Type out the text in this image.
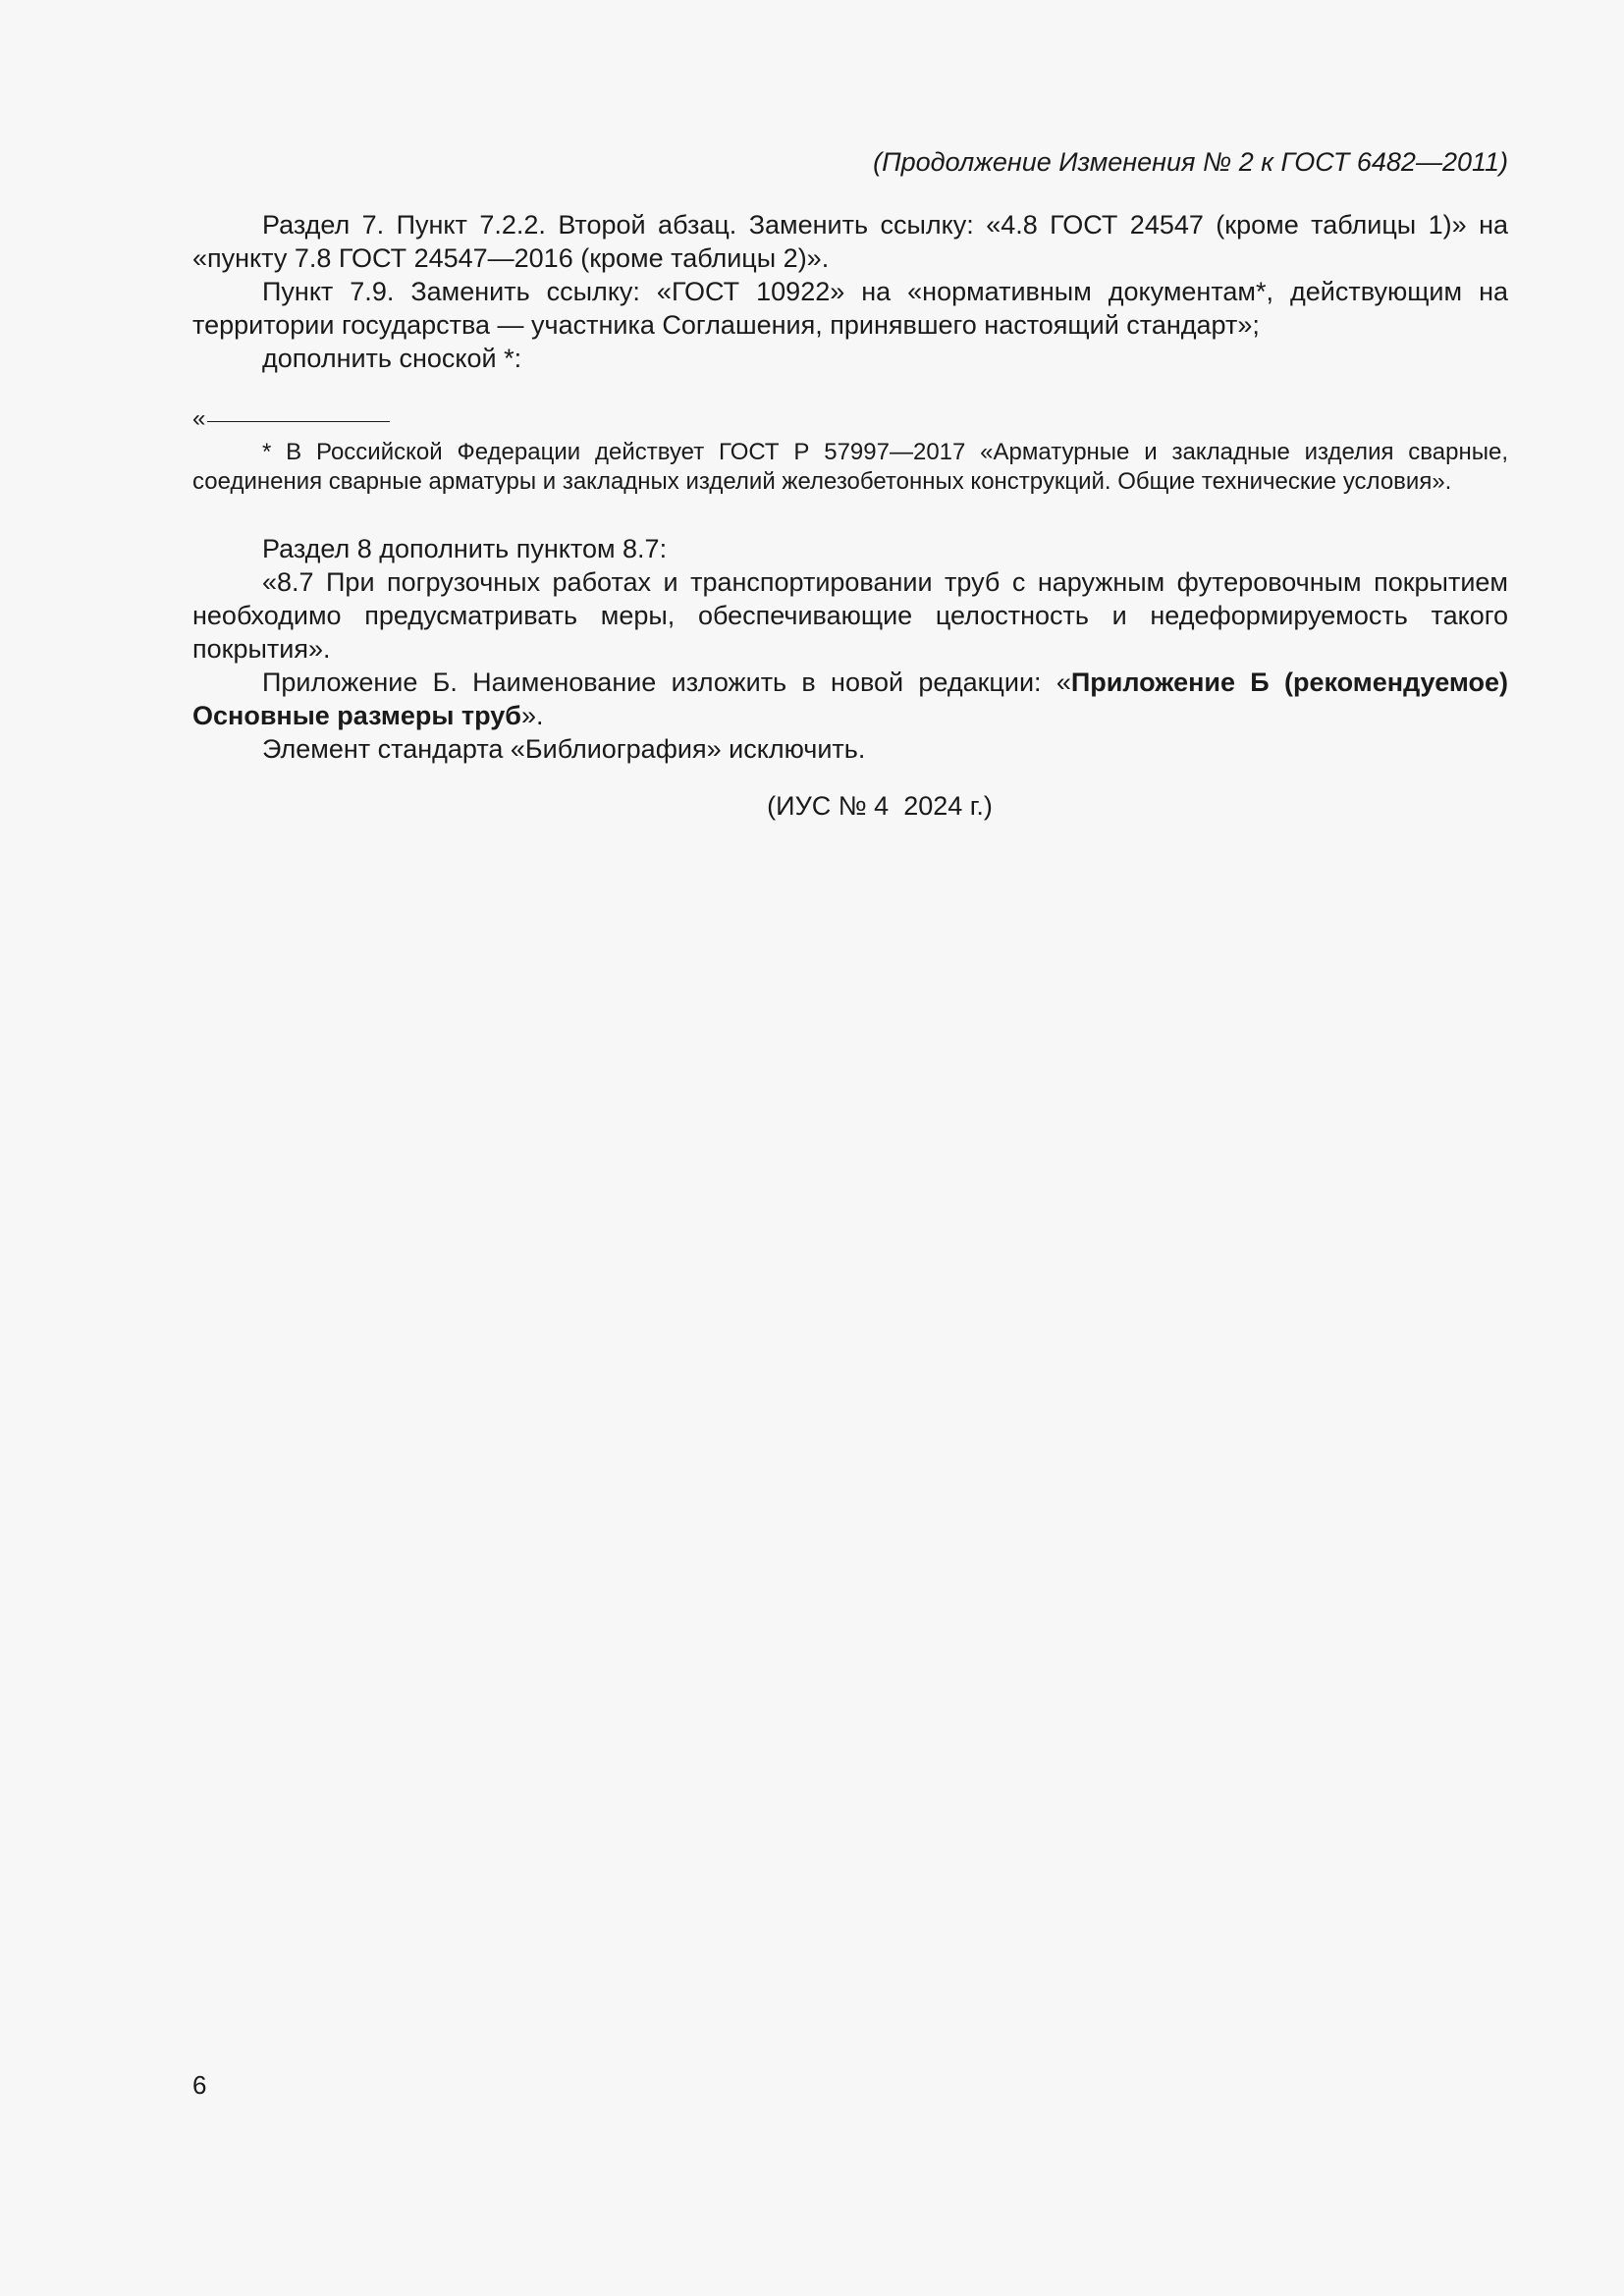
(Продолжение Изменения № 2 к ГОСТ 6482—2011)

Раздел 7. Пункт 7.2.2. Второй абзац. Заменить ссылку: «4.8 ГОСТ 24547 (кроме таблицы 1)» на «пункту 7.8 ГОСТ 24547—2016 (кроме таблицы 2)».

Пункт 7.9. Заменить ссылку: «ГОСТ 10922» на «нормативным документам*, действующим на территории государства — участника Соглашения, принявшего настоящий стандарт»;

дополнить сноской *:

«

* В Российской Федерации действует ГОСТ Р 57997—2017 «Арматурные и закладные изделия сварные, соединения сварные арматуры и закладных изделий железобетонных конструкций. Общие технические условия».

Раздел 8 дополнить пунктом 8.7:

«8.7 При погрузочных работах и транспортировании труб с наружным футеровочным покрытием необходимо предусматривать меры, обеспечивающие целостность и недеформируемость такого покрытия».

Приложение Б. Наименование изложить в новой редакции: «Приложение Б (рекомендуемое) Основные размеры труб».

Элемент стандарта «Библиография» исключить.

(ИУС № 4  2024 г.)
6
